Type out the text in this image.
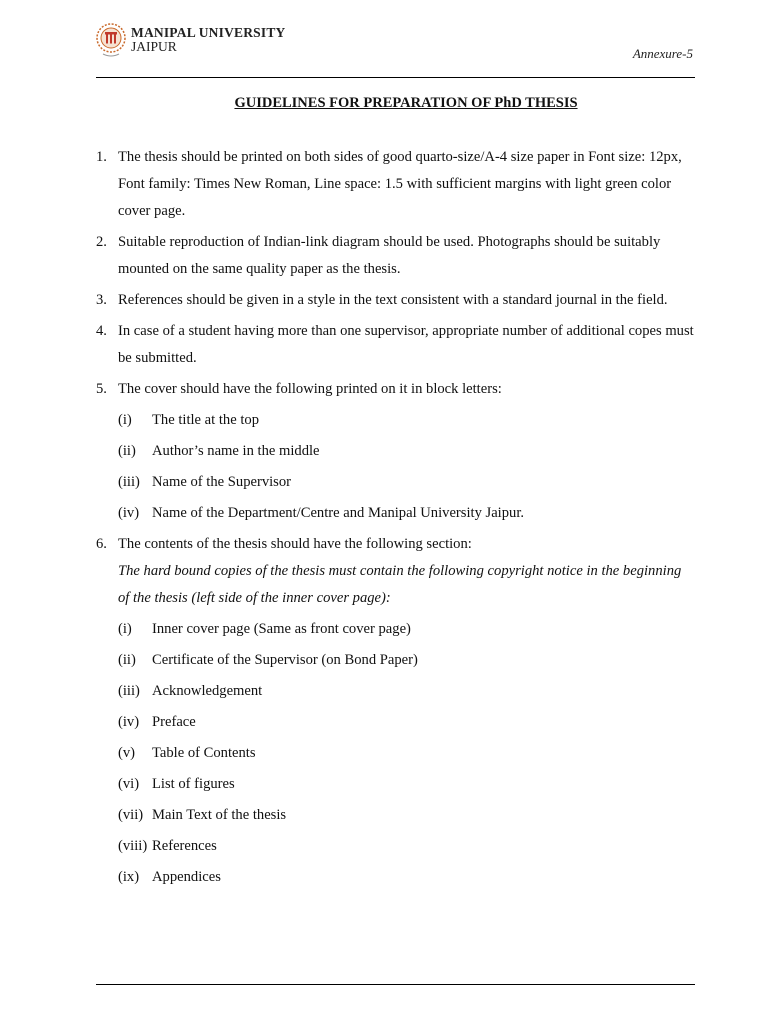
MANIPAL UNIVERSITY
JAIPUR	Annexure-5
GUIDELINES FOR PREPARATION OF PhD THESIS
1. The thesis should be printed on both sides of good quarto-size/A-4 size paper in Font size: 12px, Font family: Times New Roman, Line space: 1.5 with sufficient margins with light green color cover page.
2. Suitable reproduction of Indian-link diagram should be used. Photographs should be suitably mounted on the same quality paper as the thesis.
3. References should be given in a style in the text consistent with a standard journal in the field.
4. In case of a student having more than one supervisor, appropriate number of additional copes must be submitted.
5. The cover should have the following printed on it in block letters:
(i)	The title at the top
(ii)	Author’s name in the middle
(iii) Name of the Supervisor
(iv) Name of the Department/Centre and Manipal University Jaipur.
6. The contents of the thesis should have the following section:
The hard bound copies of the thesis must contain the following copyright notice in the beginning of the thesis (left side of the inner cover page):
(i)	Inner cover page (Same as front cover page)
(ii)	Certificate of the Supervisor (on Bond Paper)
(iii) Acknowledgement
(iv) Preface
(v)	Table of Contents
(vi) List of figures
(vii) Main Text of the thesis
(viii) References
(ix) Appendices
